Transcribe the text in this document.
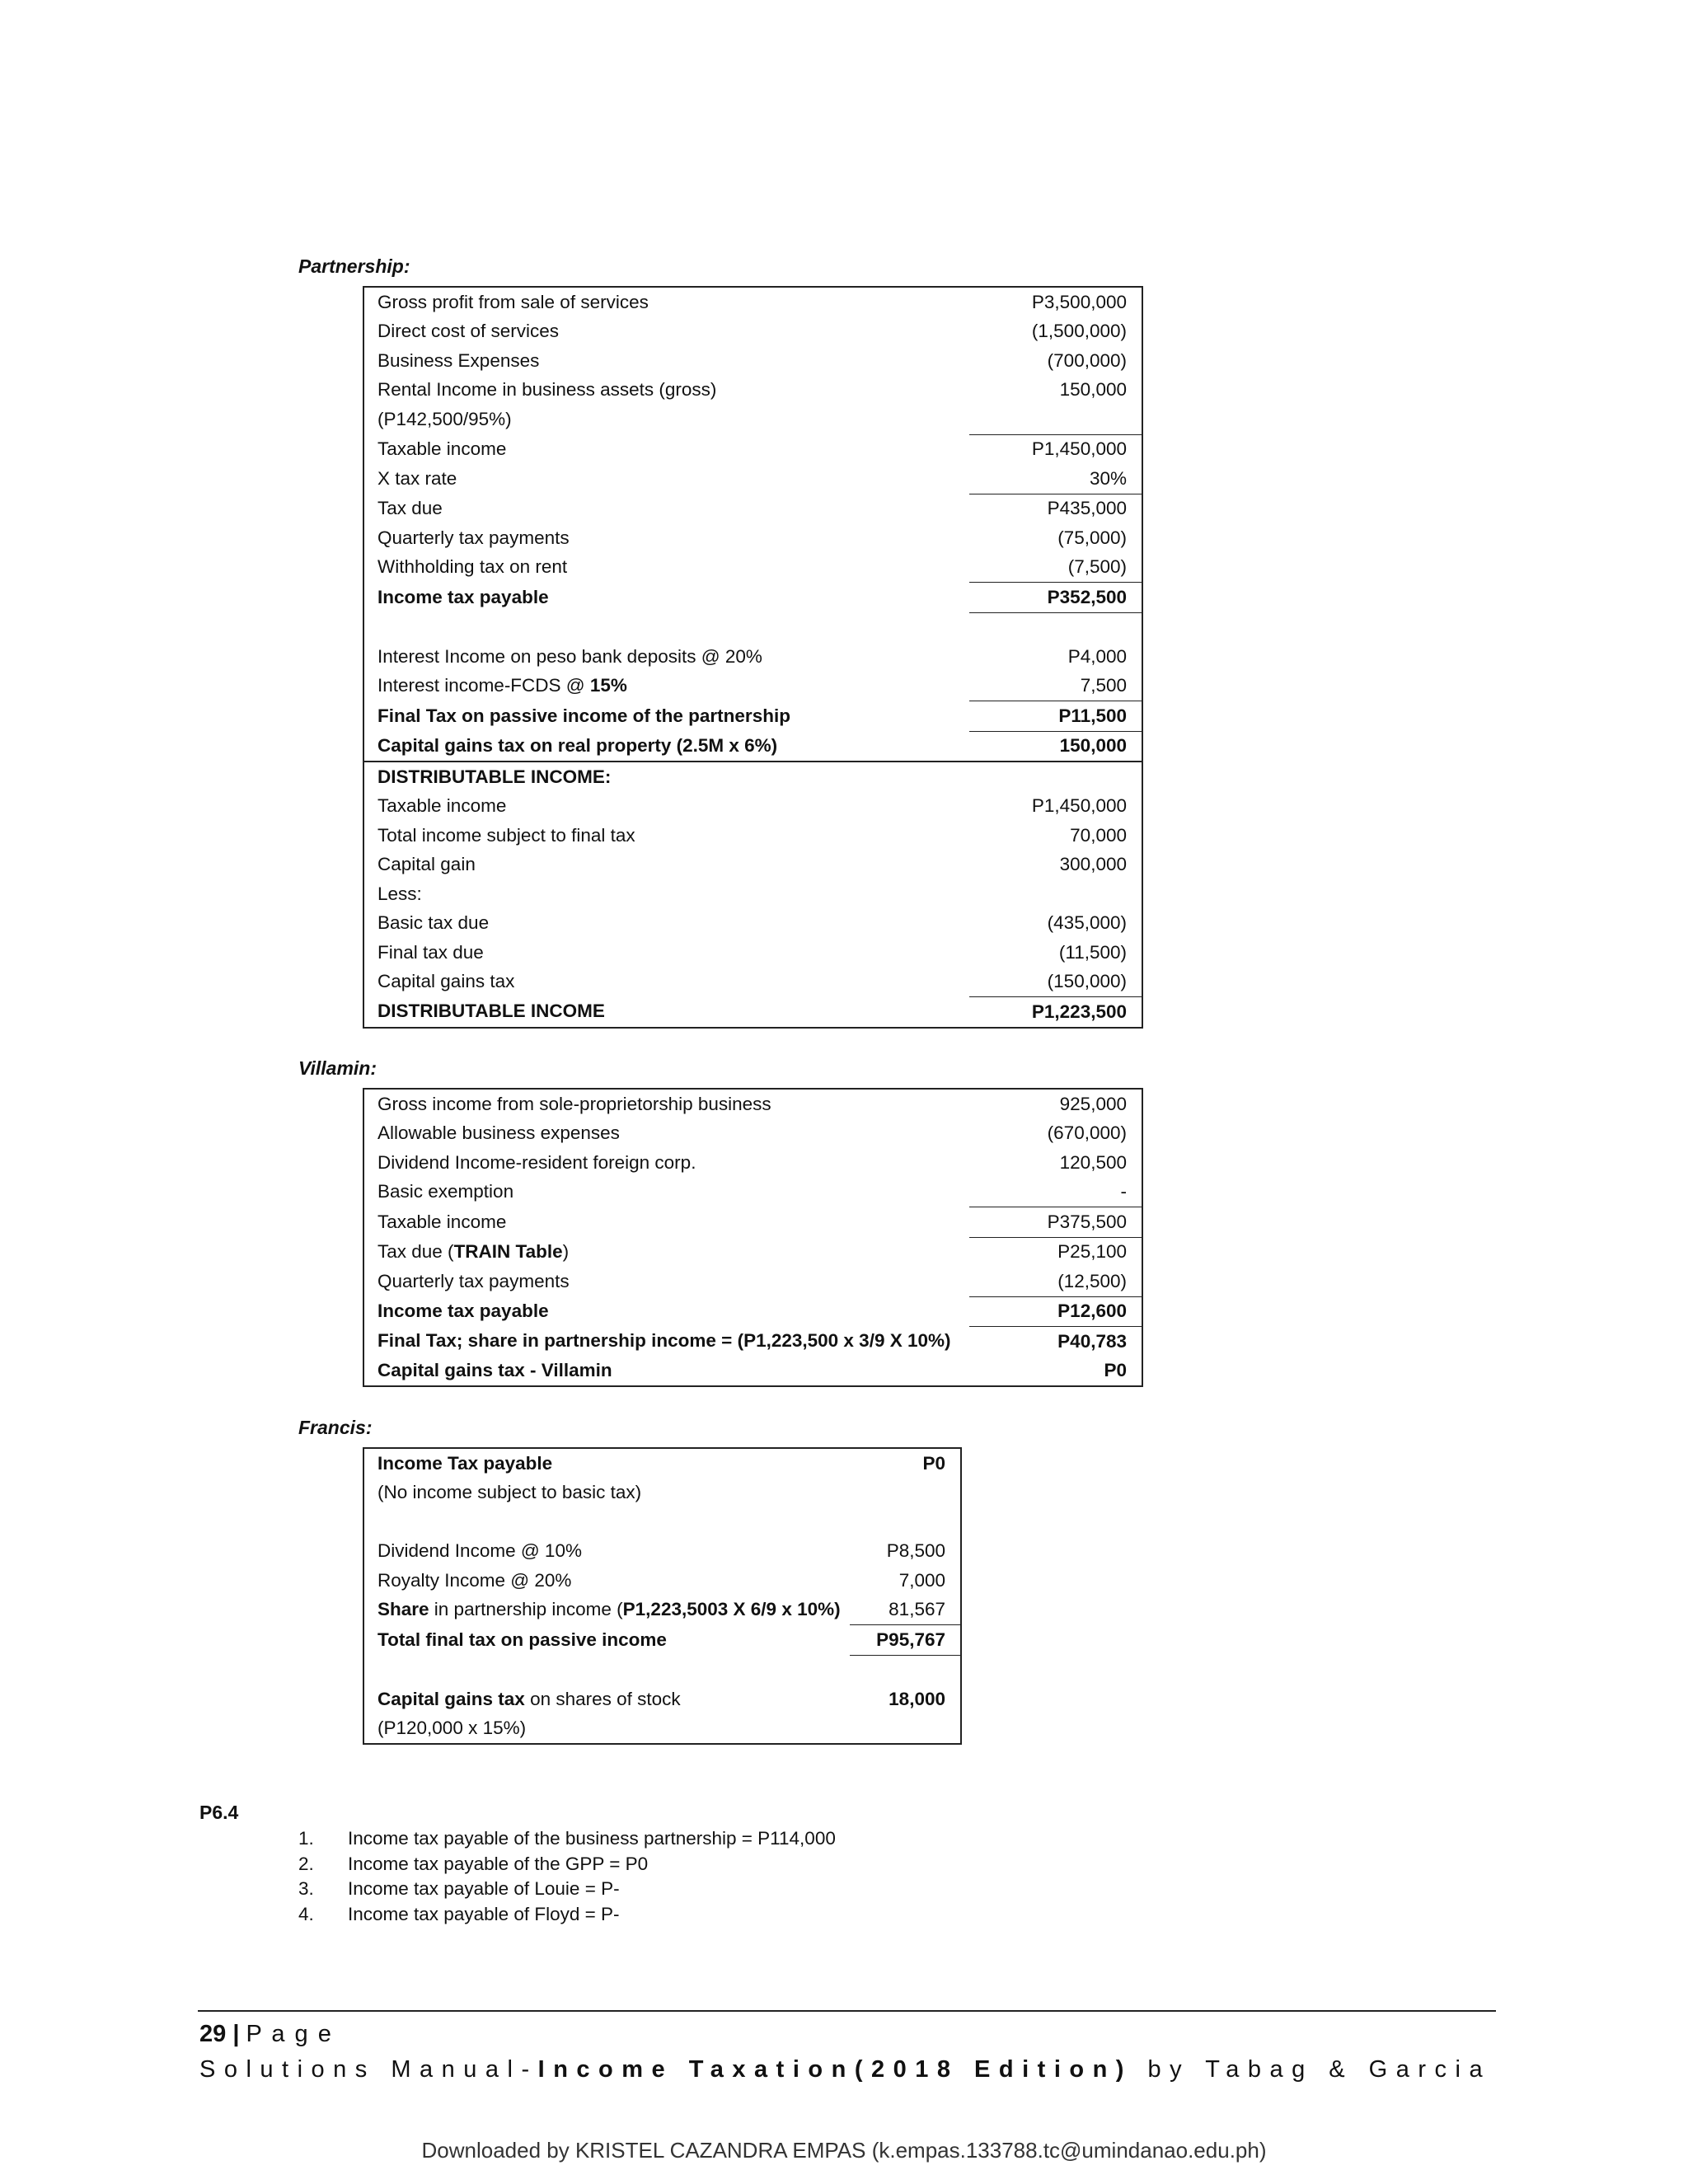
Partnership:
Gross profit from sale of services	P3,500,000
Direct cost of services	(1,500,000)
Business Expenses	(700,000)
Rental Income in business assets (gross)	150,000
(P142,500/95%)	
Taxable income	P1,450,000
X tax rate	30%
Tax due	P435,000
Quarterly tax payments	(75,000)
Withholding tax on rent	(7,500)
Income tax payable	P352,500

Interest Income on peso bank deposits @ 20%	P4,000
Interest income-FCDS @ 15%	7,500
Final Tax on passive income of the partnership	P11,500
Capital gains tax on real property (2.5M x 6%)	150,000
DISTRIBUTABLE INCOME:	
Taxable income	P1,450,000
Total income subject to final tax	70,000
Capital gain	300,000
Less:	
Basic tax due	(435,000)
Final tax due	(11,500)
Capital gains tax	(150,000)
DISTRIBUTABLE INCOME	P1,223,500
Villamin:
Gross income from sole-proprietorship business	925,000
Allowable business expenses	(670,000)
Dividend Income-resident foreign corp.	120,500
Basic exemption	-
Taxable income	P375,500
Tax due (TRAIN Table)	P25,100
Quarterly tax payments	(12,500)
Income tax payable	P12,600
Final Tax; share in partnership income = (P1,223,500 x 3/9 X 10%)	P40,783
Capital gains tax - Villamin	P0
Francis:
Income Tax payable	P0
(No income subject to basic tax)	

Dividend Income @ 10%	P8,500
Royalty Income @ 20%	7,000
Share in partnership income (P1,223,5003 X 6/9 x 10%)	81,567
Total final tax on passive income	P95,767

Capital gains tax on shares of stock	18,000
(P120,000 x 15%)	
P6.4
1.	Income tax payable of the business partnership = P114,000
2.	Income tax payable of the GPP = P0
3.	Income tax payable of Louie = P-
4.	Income tax payable of Floyd = P-
29 | P a g e
Solutions Manual-Income Taxation(2018 Edition) by Tabag & Garcia
Downloaded by KRISTEL CAZANDRA EMPAS (k.empas.133788.tc@umindanao.edu.ph)
